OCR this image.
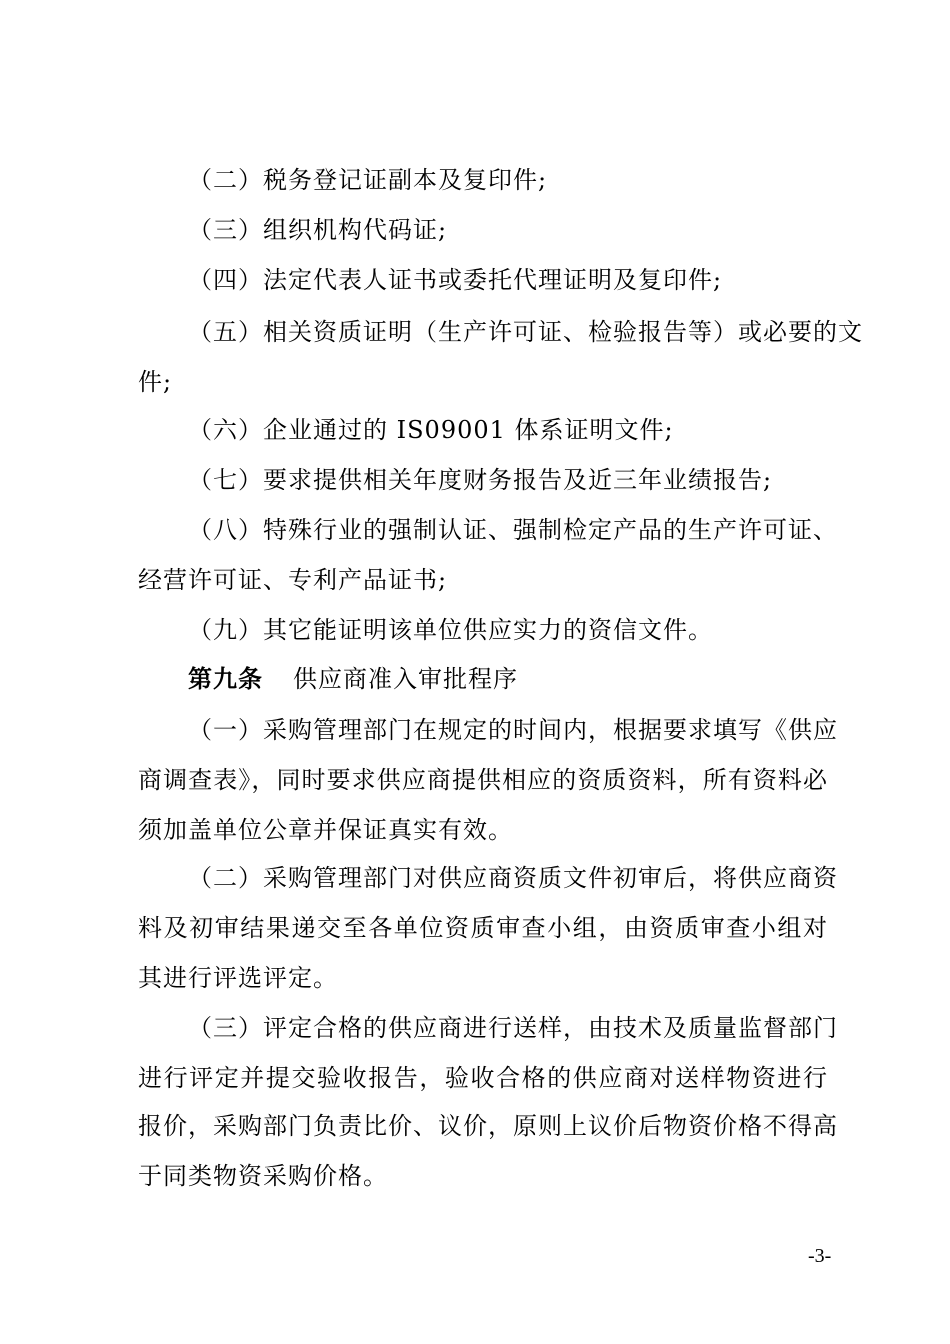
（二）税务登记证副本及复印件;
（三）组织机构代码证;
（四）法定代表人证书或委托代理证明及复印件;
（五）相关资质证明（生产许可证、检验报告等）或必要的文
件;
（六）企业通过的 IS09001 体系证明文件;
（七）要求提供相关年度财务报告及近三年业绩报告;
（八）特殊行业的强制认证、强制检定产品的生产许可证、
经营许可证、专利产品证书;
（九）其它能证明该单位供应实力的资信文件。
第九条 供应商准入审批程序
（一）采购管理部门在规定的时间内，根据要求填写《供应
商调查表》，同时要求供应商提供相应的资质资料，所有资料必
须加盖单位公章并保证真实有效。
（二）采购管理部门对供应商资质文件初审后，将供应商资
料及初审结果递交至各单位资质审查小组，由资质审查小组对
其进行评选评定。
（三）评定合格的供应商进行送样，由技术及质量监督部门
进行评定并提交验收报告，验收合格的供应商对送样物资进行
报价，采购部门负责比价、议价，原则上议价后物资价格不得高
于同类物资采购价格。
-3-
